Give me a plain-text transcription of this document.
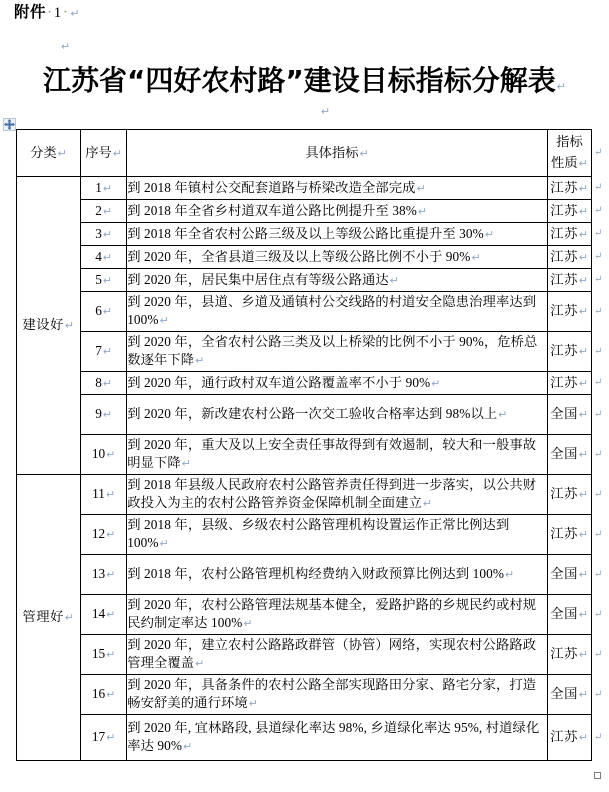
附件·1· ↵
↵
江苏省“四好农村路”建设目标指标分解表↵
↵
分类↵	序号↵	具体指标↵	指标
性质↵

建设好↵	1↵	到 2018 年镇村公交配套道路与桥梁改造全部完成↵	江苏↵
	2↵	到 2018 年全省乡村道双车道公路比例提升至 38%↵	江苏↵
	3↵	到 2018 年全省农村公路三级及以上等级公路比重提升至 30%↵	江苏↵
	4↵	到 2020 年，全省县道三级及以上等级公路比例不小于 90%↵	江苏↵
	5↵	到 2020 年，居民集中居住点有等级公路通达↵	江苏↵
	6↵	到 2020 年，县道、乡道及通镇村公交线路的村道安全隐患治理率达到 100%↵	江苏↵
	7↵	到 2020 年，全省农村公路三类及以上桥梁的比例不小于 90%，危桥总数逐年下降↵	江苏↵
	8↵	到 2020 年，通行政村双车道公路覆盖率不小于 90%↵	江苏↵
	9↵	到 2020 年，新改建农村公路一次交工验收合格率达到 98%以上↵	全国↵
	10↵	到 2020 年，重大及以上安全责任事故得到有效遏制，较大和一般事故明显下降↵	全国↵
管理好↵	11↵	到 2018 年县级人民政府农村公路管养责任得到进一步落实，以公共财政投入为主的农村公路管养资金保障机制全面建立↵	江苏↵
	12↵	到 2018 年，县级、乡级农村公路管理机构设置运作正常比例达到 100%↵	江苏↵
	13↵	到 2018 年，农村公路管理机构经费纳入财政预算比例达到 100%↵	全国↵
	14↵	到 2020 年，农村公路管理法规基本健全，爱路护路的乡规民约或村规民约制定率达 100%↵	全国↵
	15↵	到 2020 年，建立农村公路路政群管（协管）网络，实现农村公路路政管理全覆盖↵	江苏↵
	16↵	到 2020 年，具备条件的农村公路全部实现路田分家、路宅分家，打造畅安舒美的通行环境↵	全国↵
	17↵	到 2020 年, 宜林路段, 县道绿化率达 98%, 乡道绿化率达 95%, 村道绿化率达 90%↵	江苏↵
↵
↵
↵
↵
↵
↵
↵
↵
↵
↵
↵
↵
↵
↵
↵
↵
↵
↵
